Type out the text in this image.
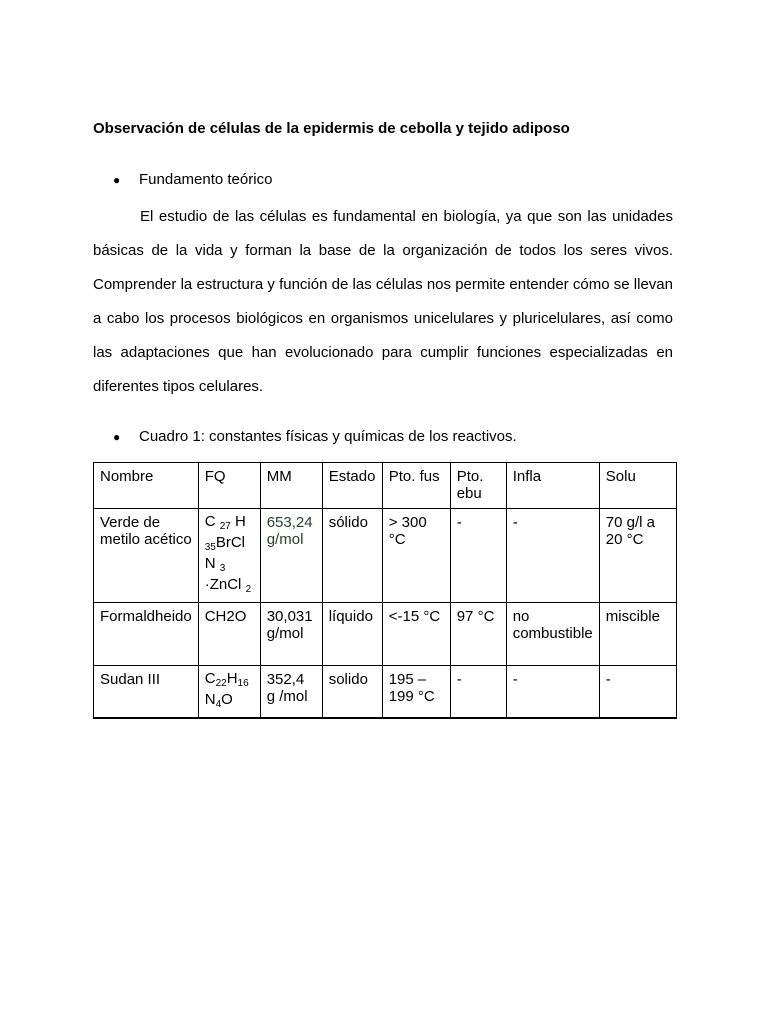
Observación de células de la epidermis de cebolla y tejido adiposo
● Fundamento teórico

El estudio de las células es fundamental en biología, ya que son las unidades básicas de la vida y forman la base de la organización de todos los seres vivos. Comprender la estructura y función de las células nos permite entender cómo se llevan a cabo los procesos biológicos en organismos unicelulares y pluricelulares, así como las adaptaciones que han evolucionado para cumplir funciones especializadas en diferentes tipos celulares.

● Cuadro 1: constantes físicas y químicas de los reactivos.
Nombre	FQ	MM	Estado	Pto. fus	Pto. ebu	Infla	Solu
Verde de metilo acético	C $_{27}$ H $_{35}$BrCl N $_3$ ·ZnCl $_2$	653,24 g/mol	sólido	> 300 °C	-	-	70 g/l a 20 °C
Formaldheido	CH2O	30,031 g/mol	líquido	<-15 °C	97 °C	no combustible	miscible
Sudan III	$C_{22}H_{16}$ $N_4O$	352,4 g /mol	solido	195 – 199 °C	-	-	-
